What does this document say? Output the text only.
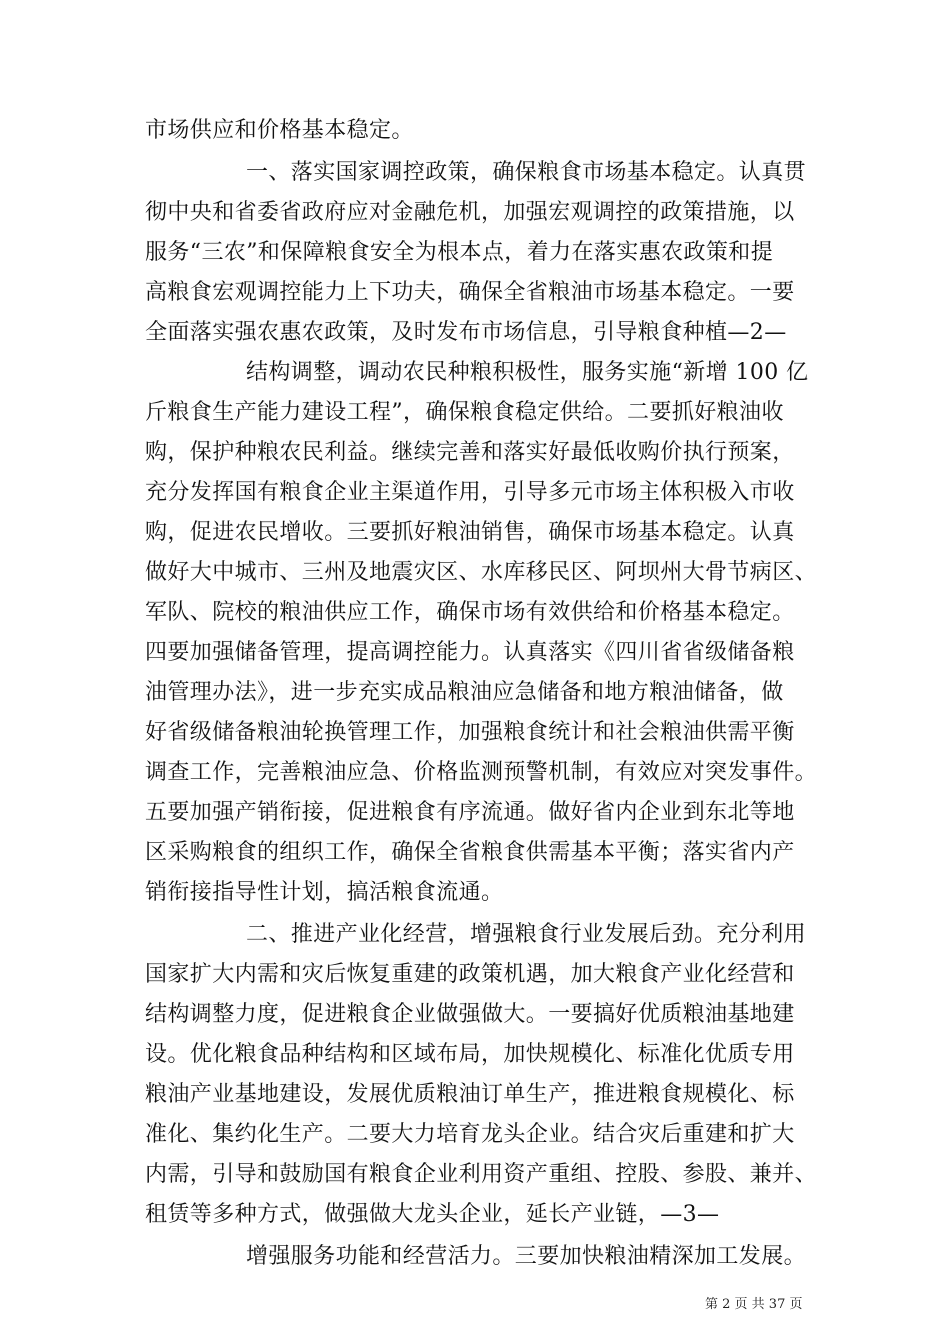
市场供应和价格基本稳定。
一、落实国家调控政策，确保粮食市场基本稳定。认真贯
彻中央和省委省政府应对金融危机，加强宏观调控的政策措施，以
服务“三农”和保障粮食安全为根本点，着力在落实惠农政策和提
高粮食宏观调控能力上下功夫，确保全省粮油市场基本稳定。一要
全面落实强农惠农政策，及时发布市场信息，引导粮食种植—2—
结构调整，调动农民种粮积极性，服务实施“新增 100 亿
斤粮食生产能力建设工程”，确保粮食稳定供给。二要抓好粮油收
购，保护种粮农民利益。继续完善和落实好最低收购价执行预案，
充分发挥国有粮食企业主渠道作用，引导多元市场主体积极入市收
购，促进农民增收。三要抓好粮油销售，确保市场基本稳定。认真
做好大中城市、三州及地震灾区、水库移民区、阿坝州大骨节病区、
军队、院校的粮油供应工作，确保市场有效供给和价格基本稳定。
四要加强储备管理，提高调控能力。认真落实《四川省省级储备粮
油管理办法》，进一步充实成品粮油应急储备和地方粮油储备，做
好省级储备粮油轮换管理工作，加强粮食统计和社会粮油供需平衡
调查工作，完善粮油应急、价格监测预警机制，有效应对突发事件。
五要加强产销衔接，促进粮食有序流通。做好省内企业到东北等地
区采购粮食的组织工作，确保全省粮食供需基本平衡；落实省内产
销衔接指导性计划，搞活粮食流通。
二、推进产业化经营，增强粮食行业发展后劲。充分利用
国家扩大内需和灾后恢复重建的政策机遇，加大粮食产业化经营和
结构调整力度，促进粮食企业做强做大。一要搞好优质粮油基地建
设。优化粮食品种结构和区域布局，加快规模化、标准化优质专用
粮油产业基地建设，发展优质粮油订单生产，推进粮食规模化、标
准化、集约化生产。二要大力培育龙头企业。结合灾后重建和扩大
内需，引导和鼓励国有粮食企业利用资产重组、控股、参股、兼并、
租赁等多种方式，做强做大龙头企业，延长产业链，—3—
增强服务功能和经营活力。三要加快粮油精深加工发展。
第 2 页 共 37 页
